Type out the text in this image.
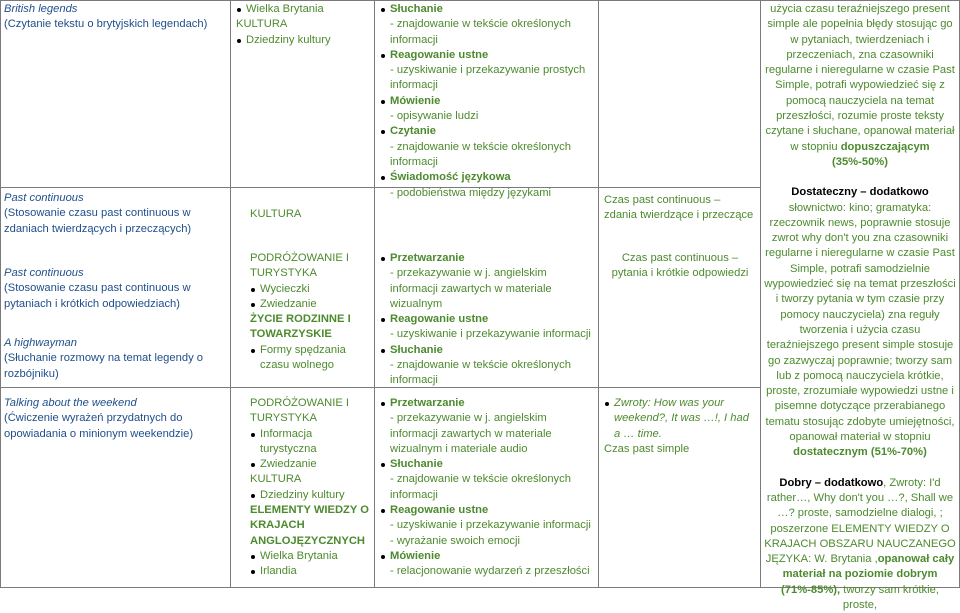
British legends

(Czytanie tekstu o brytyjskich legendach)

Past continuous

(Stosowanie czasu past continuous w zdaniach twierdzących i przeczących)

Past continuous

(Stosowanie czasu past continuous w pytaniach i krótkich odpowiedziach)

A highwayman

(Słuchanie rozmowy na temat legendy o rozbójniku)

Talking about the weekend

(Ćwiczenie wyrażeń przydatnych do opowiadania o minionym weekendzie)

Wielka Brytania

KULTURA

Dziedziny kultury

KULTURA

PODRÓŻOWANIE I TURYSTYKA

Wycieczki

Zwiedzanie

ŻYCIE RODZINNE I TOWARZYSKIE

Formy spędzania czasu wolnego

PODRÓŻOWANIE I TURYSTYKA

Informacja turystyczna

Zwiedzanie

KULTURA

Dziedziny kultury

ELEMENTY WIEDZY O KRAJACH ANGLOJĘZYCZNYCH

Wielka Brytania

Irlandia

Słuchanie

- znajdowanie w tekście określonych informacji

Reagowanie ustne

- uzyskiwanie i przekazywanie prostych informacji

Mówienie

- opisywanie ludzi

Czytanie

- znajdowanie w tekście określonych informacji

Świadomość językowa

- podobieństwa między językami

Przetwarzanie

- przekazywanie w j. angielskim informacji zawartych w materiale wizualnym

Reagowanie ustne

- uzyskiwanie i przekazywanie informacji

Słuchanie

- znajdowanie w tekście określonych informacji

Przetwarzanie

- przekazywanie w j. angielskim informacji zawartych w materiale wizualnym i materiale audio

Słuchanie

- znajdowanie w tekście określonych informacji

Reagowanie ustne

- uzyskiwanie i przekazywanie informacji

- wyrażanie swoich emocji

Mówienie

- relacjonowanie wydarzeń z przeszłości

Czas past continuous – zdania twierdzące i przeczące

Czas past continuous – pytania i krótkie odpowiedzi

Zwroty: How was your weekend?, It was …!, I had a … time.

Czas past simple

użycia czasu teraźniejszego present simple ale popełnia błędy stosując go w pytaniach, twierdzeniach i przeczeniach, zna czasowniki regularne i nieregularne w czasie Past Simple, potrafi wypowiedzieć się z pomocą nauczyciela na temat przeszłości, rozumie proste teksty czytane i słuchane, opanował materiał w stopniu dopuszczającym (35%-50%)

Dostateczny – dodatkowo

słownictwo: kino; gramatyka: rzeczownik news, poprawnie stosuje zwrot why don't you zna czasowniki regularne i nieregularne w czasie Past Simple, potrafi samodzielnie wypowiedzieć się na temat przeszłości i tworzy pytania w tym czasie przy pomocy nauczyciela) zna reguły tworzenia i użycia czasu teraźniejszego present simple stosuje go zazwyczaj poprawnie; tworzy sam lub z pomocą nauczyciela krótkie, proste, zrozumiałe wypowiedzi ustne i pisemne dotyczące przerabianego tematu stosując zdobyte umiejętności, opanował materiał w stopniu dostatecznym (51%-70%)

Dobry – dodatkowo, Zwroty: I'd rather…, Why don't you …?, Shall we …? proste, samodzielne dialogi, ; poszerzone ELEMENTY WIEDZY O KRAJACH OBSZARU NAUCZANEGO JĘZYKA: W. Brytania ,opanował cały materiał na poziomie dobrym (71%-85%), tworzy sam krótkie, proste,
